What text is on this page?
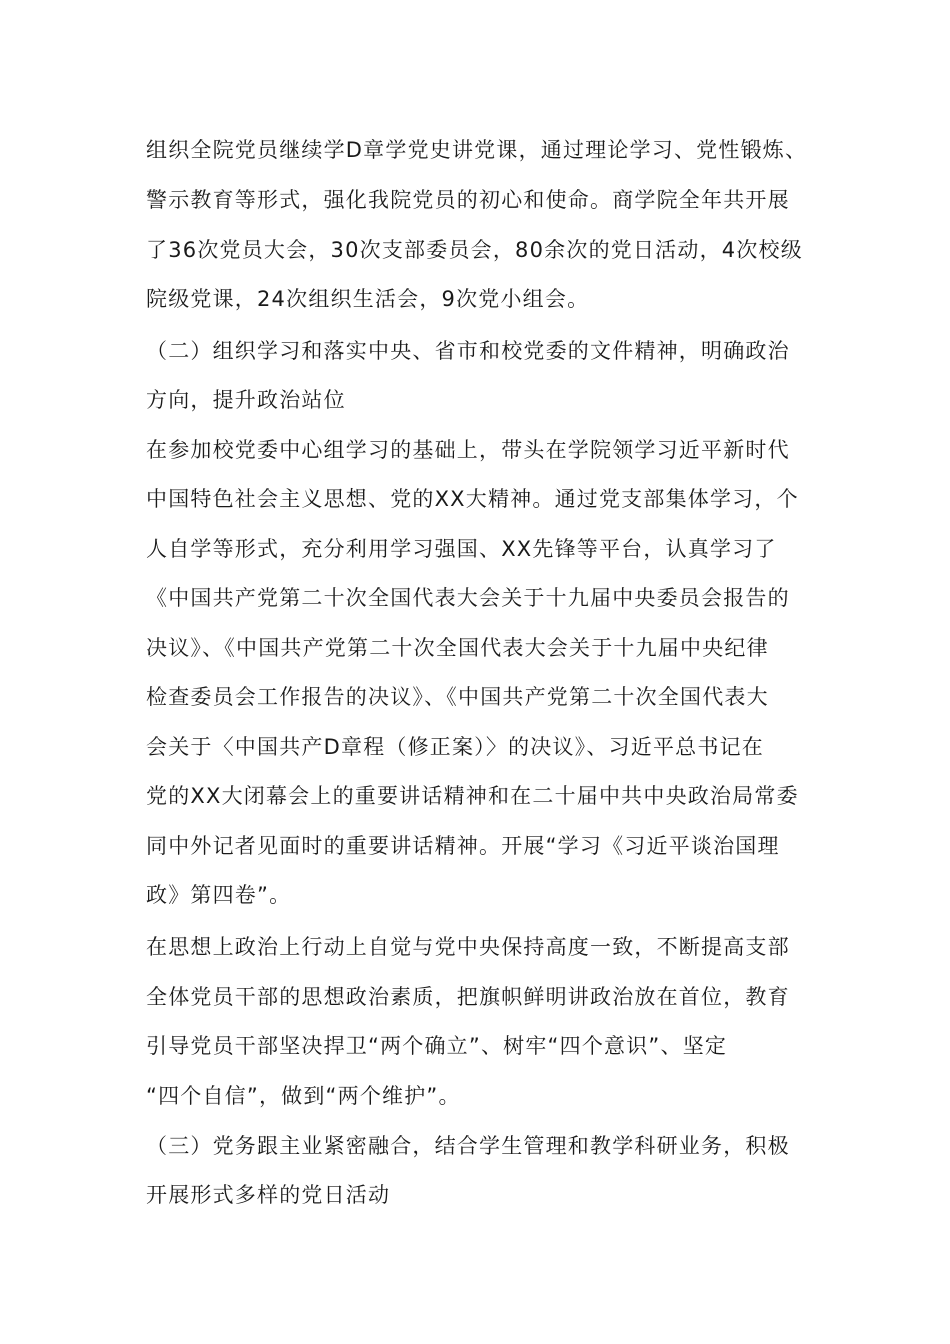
组织全院党员继续学D章学党史讲党课，通过理论学习、党性锻炼、
警示教育等形式，强化我院党员的初心和使命。商学院全年共开展
了36次党员大会，30次支部委员会，80余次的党日活动，4次校级
院级党课，24次组织生活会，9次党小组会。
（二）组织学习和落实中央、省市和校党委的文件精神，明确政治
方向，提升政治站位
在参加校党委中心组学习的基础上，带头在学院领学习近平新时代
中国特色社会主义思想、党的XX大精神。通过党支部集体学习，个
人自学等形式，充分利用学习强国、XX先锋等平台，认真学习了
《中国共产党第二十次全国代表大会关于十九届中央委员会报告的
决议》、《中国共产党第二十次全国代表大会关于十九届中央纪律
检查委员会工作报告的决议》、《中国共产党第二十次全国代表大
会关于〈中国共产D章程（修正案）〉的决议》、习近平总书记在
党的XX大闭幕会上的重要讲话精神和在二十届中共中央政治局常委
同中外记者见面时的重要讲话精神。开展“学习《习近平谈治国理
政》第四卷”。
在思想上政治上行动上自觉与党中央保持高度一致，不断提高支部
全体党员干部的思想政治素质，把旗帜鲜明讲政治放在首位，教育
引导党员干部坚决捍卫“两个确立”、树牢“四个意识”、坚定
“四个自信”，做到“两个维护”。
（三）党务跟主业紧密融合，结合学生管理和教学科研业务，积极
开展形式多样的党日活动
